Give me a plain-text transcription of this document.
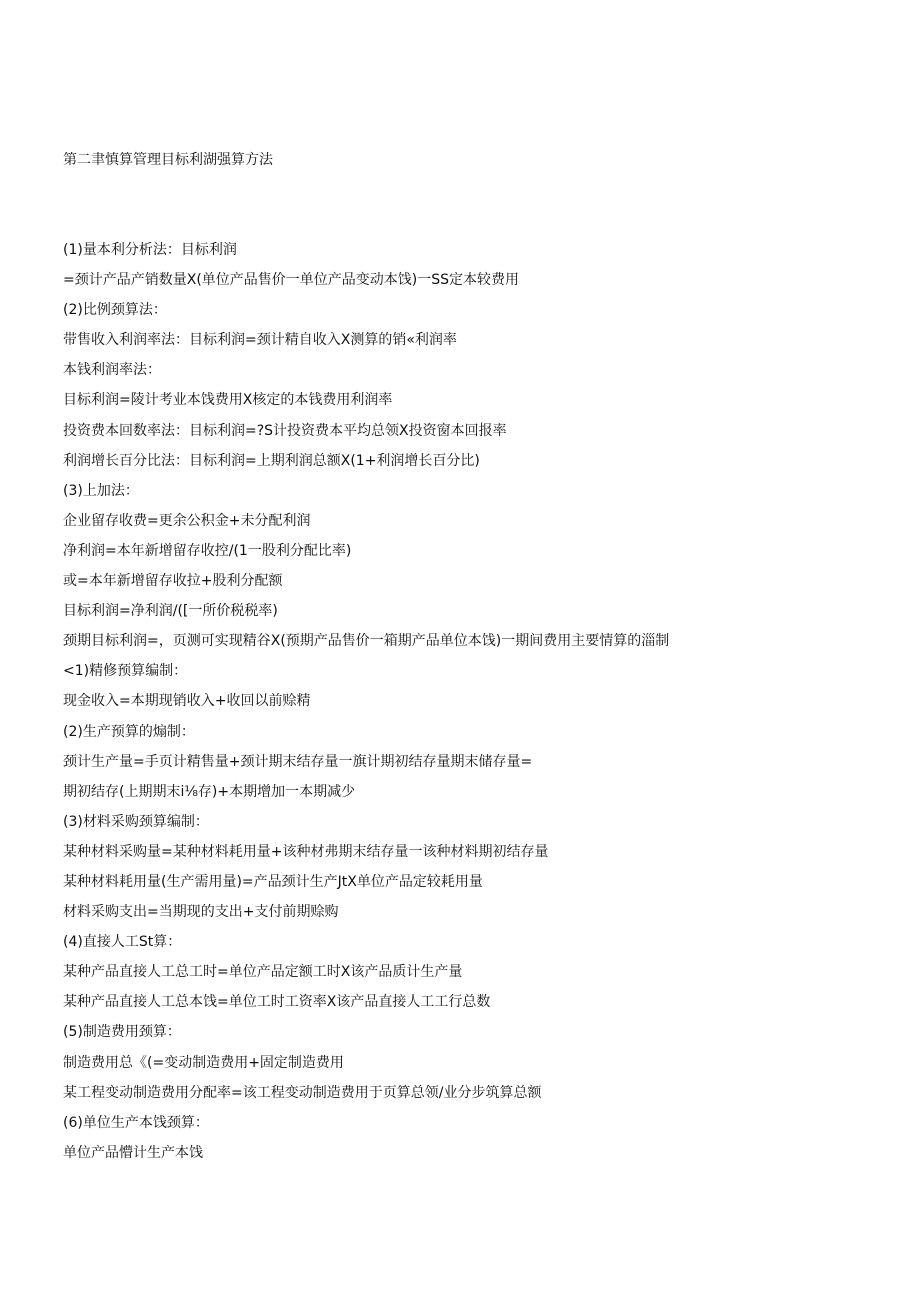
第二聿慎算管理目标利湖强算方法
(1)量本利分析法：目标利润
=颈计产品产销数量X(单位产品售价一单位产品变动本饯)一SS定本较费用
(2)比例颈算法：
带售收入利润率法：目标利润=颈计精自收入X测算的销«利润率
本钱利润率法：
目标利润=陵计考业本饯费用X核定的本钱费用利润率
投资费本回数率法：目标利润=?S计投资费本平均总领X投资窗本回报率
利润增长百分比法：目标利润=上期利润总额X(1+利润增长百分比)
(3)上加法：
企业留存收费=更余公积金+未分配利润
净利润=本年新增留存收控/(1一股利分配比率)
或=本年新增留存收拉+股利分配额
目标利润=净利润/([一所价税税率)
颈期目标利润=，页测可实现精谷X(预期产品售价一箱期产品单位本饯)一期间费用主要情算的淄制
<1)精修预算编制：
现金收入=本期现销收入+收回以前赊精
(2)生产预算的煽制：
颈计生产量=手页计精售量+颈计期末结存量一旗计期初结存量期末储存量=
期初结存(上期期末i⅛存)+本期增加一本期减少
(3)材料采购颈算编制：
某种材料采购量=某种材料耗用量+该种材弗期末结存量一该种材料期初结存量
某种材料耗用量(生产需用量)=产品颈计生产JtX单位产品定较耗用量
材料采购支出=当期现的支出+支付前期赊购
(4)直接人工St算：
某种产品直接人工总工时=单位产品定额工时X该产品质计生产量
某种产品直接人工总本饯=单位工时工资率X该产品直接人工工行总数
(5)制造费用颈算：
制造费用总《(=变动制造费用+固定制造费用
某工程变动制造费用分配率=该工程变动制造费用于页算总领/业分步筑算总额
(6)单位生产本饯颈算：
单位产品懵计生产本饯
